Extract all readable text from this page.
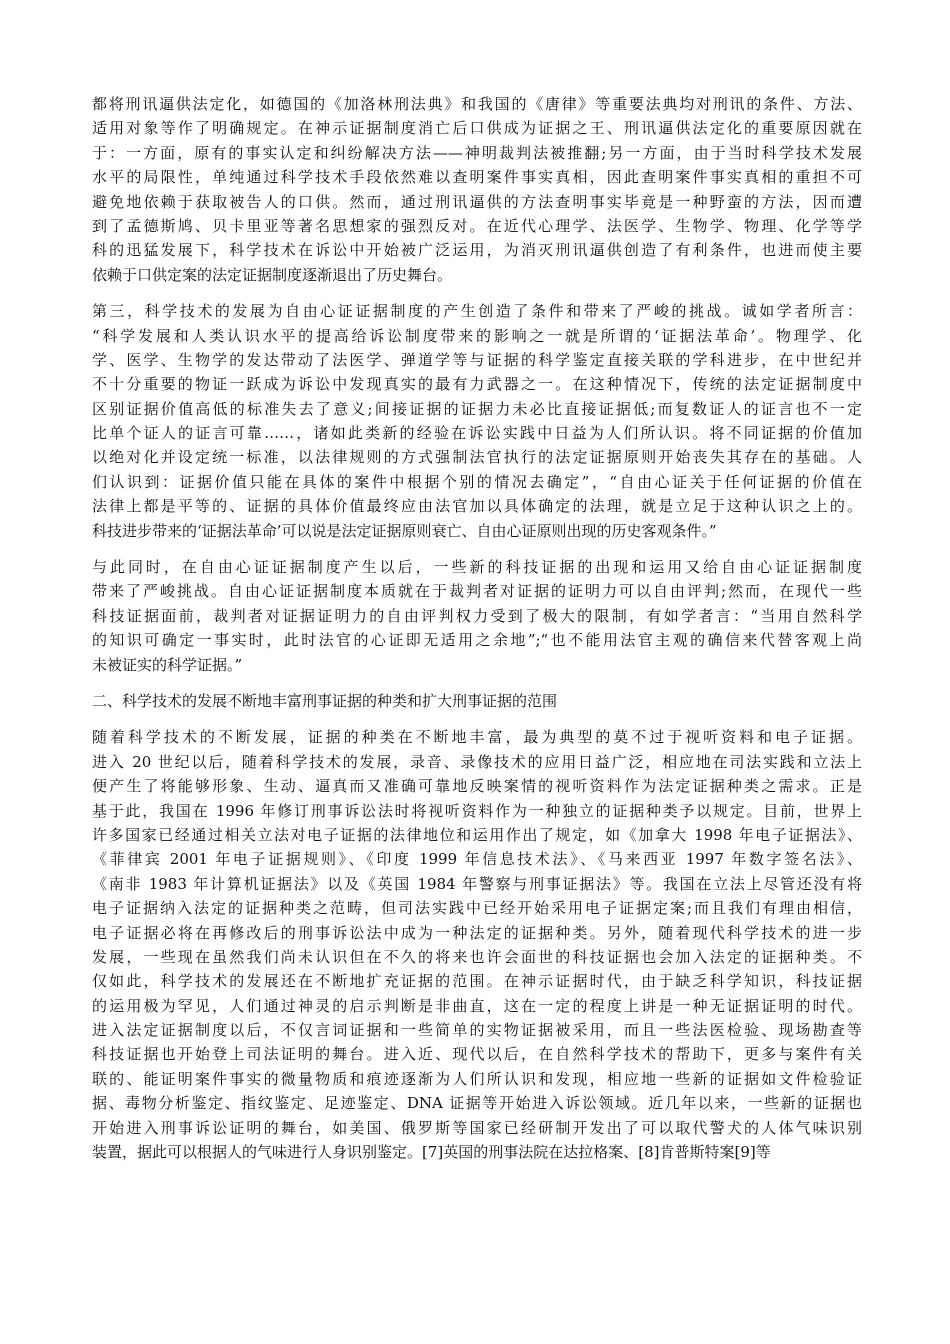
都将刑讯逼供法定化，如德国的《加洛林刑法典》和我国的《唐律》等重要法典均对刑讯的条件、方法、
适用对象等作了明确规定。在神示证据制度消亡后口供成为证据之王、刑讯逼供法定化的重要原因就在
于：一方面，原有的事实认定和纠纷解决方法——神明裁判法被推翻;另一方面，由于当时科学技术发展
水平的局限性，单纯通过科学技术手段依然难以查明案件事实真相，因此查明案件事实真相的重担不可
避免地依赖于获取被告人的口供。然而，通过刑讯逼供的方法查明事实毕竟是一种野蛮的方法，因而遭
到了孟德斯鸠、贝卡里亚等著名思想家的强烈反对。在近代心理学、法医学、生物学、物理、化学等学
科的迅猛发展下，科学技术在诉讼中开始被广泛运用，为消灭刑讯逼供创造了有利条件，也进而使主要
依赖于口供定案的法定证据制度逐渐退出了历史舞台。
第三，科学技术的发展为自由心证证据制度的产生创造了条件和带来了严峻的挑战。诚如学者所言：
“科学发展和人类认识水平的提高给诉讼制度带来的影响之一就是所谓的‘证据法革命’。物理学、化
学、医学、生物学的发达带动了法医学、弹道学等与证据的科学鉴定直接关联的学科进步，在中世纪并
不十分重要的物证一跃成为诉讼中发现真实的最有力武器之一。在这种情况下，传统的法定证据制度中
区别证据价值高低的标准失去了意义;间接证据的证据力未必比直接证据低;而复数证人的证言也不一定
比单个证人的证言可靠……，诸如此类新的经验在诉讼实践中日益为人们所认识。将不同证据的价值加
以绝对化并设定统一标准，以法律规则的方式强制法官执行的法定证据原则开始丧失其存在的基础。人
们认识到：证据价值只能在具体的案件中根据个别的情况去确定”，“自由心证关于任何证据的价值在
法律上都是平等的、证据的具体价值最终应由法官加以具体确定的法理，就是立足于这种认识之上的。
科技进步带来的‘证据法革命’可以说是法定证据原则衰亡、自由心证原则出现的历史客观条件。”
与此同时，在自由心证证据制度产生以后，一些新的科技证据的出现和运用又给自由心证证据制度
带来了严峻挑战。自由心证证据制度本质就在于裁判者对证据的证明力可以自由评判;然而，在现代一些
科技证据面前，裁判者对证据证明力的自由评判权力受到了极大的限制，有如学者言：“当用自然科学
的知识可确定一事实时，此时法官的心证即无适用之余地”;“也不能用法官主观的确信来代替客观上尚
未被证实的科学证据。”
二、科学技术的发展不断地丰富刑事证据的种类和扩大刑事证据的范围
随着科学技术的不断发展，证据的种类在不断地丰富，最为典型的莫不过于视听资料和电子证据。
进入 20 世纪以后，随着科学技术的发展，录音、录像技术的应用日益广泛，相应地在司法实践和立法上
便产生了将能够形象、生动、逼真而又准确可靠地反映案情的视听资料作为法定证据种类之需求。正是
基于此，我国在 1996 年修订刑事诉讼法时将视听资料作为一种独立的证据种类予以规定。目前，世界上
许多国家已经通过相关立法对电子证据的法律地位和运用作出了规定，如《加拿大 1998 年电子证据法》、
《菲律宾 2001 年电子证据规则》、《印度 1999 年信息技术法》、《马来西亚 1997 年数字签名法》、
《南非 1983 年计算机证据法》以及《英国 1984 年警察与刑事证据法》等。我国在立法上尽管还没有将
电子证据纳入法定的证据种类之范畴，但司法实践中已经开始采用电子证据定案;而且我们有理由相信，
电子证据必将在再修改后的刑事诉讼法中成为一种法定的证据种类。另外，随着现代科学技术的进一步
发展，一些现在虽然我们尚未认识但在不久的将来也许会面世的科技证据也会加入法定的证据种类。不
仅如此，科学技术的发展还在不断地扩充证据的范围。在神示证据时代，由于缺乏科学知识，科技证据
的运用极为罕见，人们通过神灵的启示判断是非曲直，这在一定的程度上讲是一种无证据证明的时代。
进入法定证据制度以后，不仅言词证据和一些简单的实物证据被采用，而且一些法医检验、现场勘查等
科技证据也开始登上司法证明的舞台。进入近、现代以后，在自然科学技术的帮助下，更多与案件有关
联的、能证明案件事实的微量物质和痕迹逐渐为人们所认识和发现，相应地一些新的证据如文件检验证
据、毒物分析鉴定、指纹鉴定、足迹鉴定、DNA 证据等开始进入诉讼领域。近几年以来，一些新的证据也
开始进入刑事诉讼证明的舞台，如美国、俄罗斯等国家已经研制开发出了可以取代警犬的人体气味识别
装置，据此可以根据人的气味进行人身识别鉴定。[7]英国的刑事法院在达拉格案、[8]肯普斯特案[9]等
